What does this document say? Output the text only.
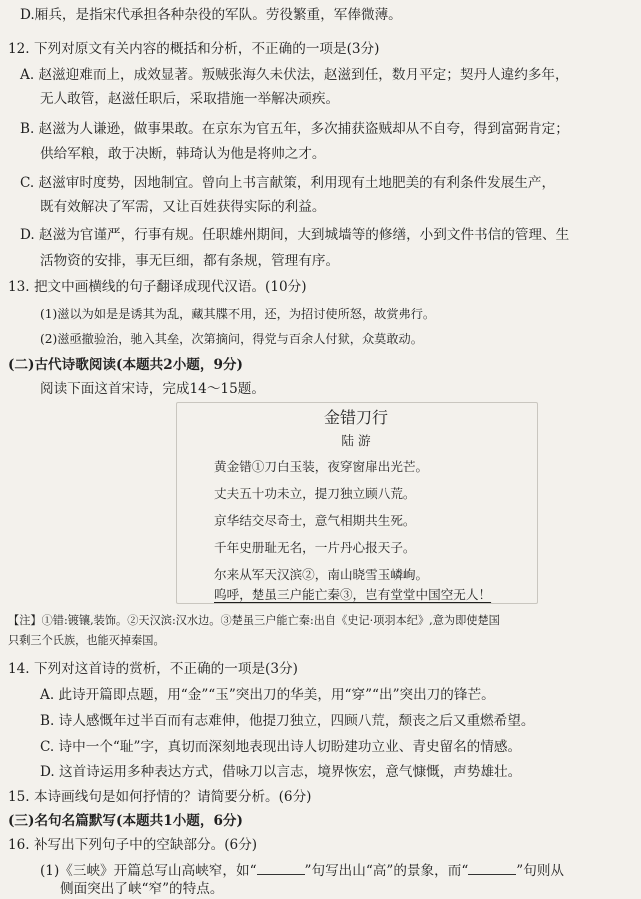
D.厢兵，是指宋代承担各种杂役的军队。劳役繁重，军俸微薄。
12. 下列对原文有关内容的概括和分析，不正确的一项是(3分)
A. 赵滋迎难而上，成效显著。叛贼张海久未伏法，赵滋到任，数月平定；契丹人違约多年，
无人敢管，赵滋任职后，采取措施一举解决顽疾。
B. 赵滋为人谦逊，做事果敢。在京东为官五年，多次捕获盗贼却从不自夸，得到富弼肯定；
供给军粮，敢于决断，韩琦认为他是将帅之才。
C. 赵滋审时度势，因地制宜。曾向上书言献策，利用现有土地肥美的有利条件发展生产，
既有效解决了军需，又让百姓获得实际的利益。
D. 赵滋为官谨严，行事有规。任职雄州期间，大到城墙等的修缮，小到文件书信的管理、生
活物资的安排，事无巨细，都有条规，管理有序。
13. 把文中画横线的句子翻译成现代汉语。(10分)
(1)滋以为如是是诱其为乱，藏其牒不用，还，为招讨使所怒，故赏弗行。
(2)滋亟撤验治，驰入其垒，次第摘问，得党与百余人付狱，众莫敢动。
(二)古代诗歌阅读(本题共2小题，9分)
阅读下面这首宋诗，完成14～15题。
金错刀行
陆 游
黄金错①刀白玉装，夜穿窗扉出光芒。
丈夫五十功未立，提刀独立顾八荒。
京华结交尽奇士，意气相期共生死。
千年史册耻无名，一片丹心报天子。
尔来从军天汉滨②，南山晓雪玉嶙峋。
呜呼，楚虽三户能亡秦③，岂有堂堂中国空无人！
【注】①错:镀镶,装饰。②天汉滨:汉水边。③楚虽三户能亡秦:出自《史记·项羽本纪》,意为即使楚国
只剩三个氏族，也能灭掉秦国。
14. 下列对这首诗的赏析，不正确的一项是(3分)
A. 此诗开篇即点题，用“金”“玉”突出刀的华美，用“穿”“出”突出刀的锋芒。
B. 诗人感慨年过半百而有志难伸，他提刀独立，四顾八荒，颓丧之后又重燃希望。
C. 诗中一个“耻”字，真切而深刻地表现出诗人切盼建功立业、青史留名的情感。
D. 这首诗运用多种表达方式，借咏刀以言志，境界恢宏，意气慷慨，声势雄壮。
15. 本诗画线句是如何抒情的？请简要分析。(6分)
(三)名句名篇默写(本题共1小题，6分)
16. 补写出下列句子中的空缺部分。(6分)
(1)《三峡》开篇总写山高峡窄，如“	”句写出山“高”的景象，而“	”句则从
侧面突出了峡“窄”的特点。
